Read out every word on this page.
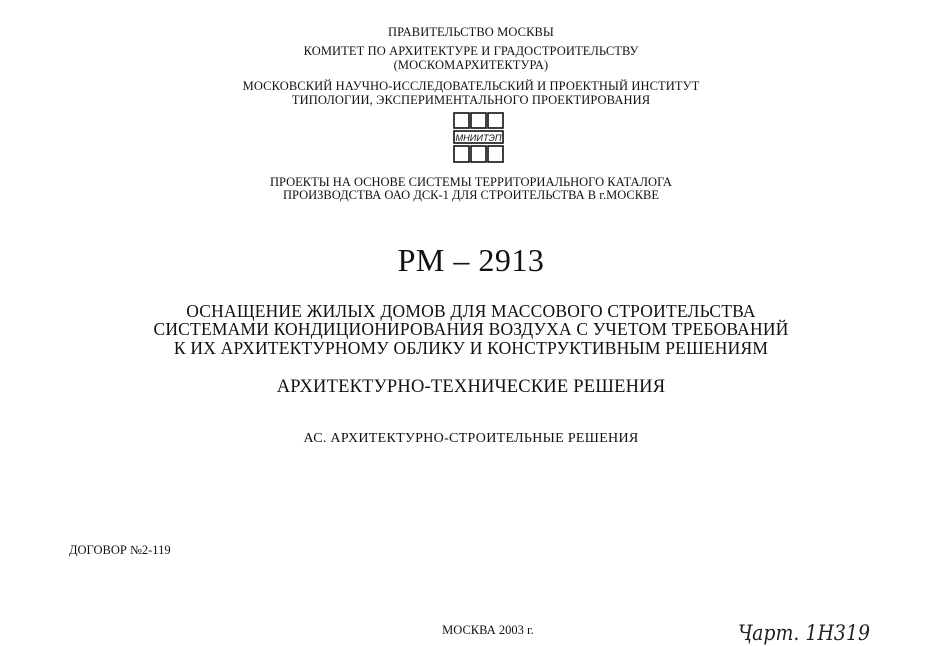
ПРАВИТЕЛЬСТВО МОСКВЫ
КОМИТЕТ ПО АРХИТЕКТУРЕ И ГРАДОСТРОИТЕЛЬСТВУ
(МОСКОМАРХИТЕКТУРА)
МОСКОВСКИЙ НАУЧНО-ИССЛЕДОВАТЕЛЬСКИЙ И ПРОЕКТНЫЙ ИНСТИТУТ
ТИПОЛОГИИ, ЭКСПЕРИМЕНТАЛЬНОГО ПРОЕКТИРОВАНИЯ
МНИИТЭП
ПРОЕКТЫ НА ОСНОВЕ СИСТЕМЫ ТЕРРИТОРИАЛЬНОГО КАТАЛОГА
ПРОИЗВОДСТВА ОАО ДСК-1 ДЛЯ СТРОИТЕЛЬСТВА В г.МОСКВЕ
РМ – 2913
ОСНАЩЕНИЕ ЖИЛЫХ ДОМОВ ДЛЯ МАССОВОГО СТРОИТЕЛЬСТВА
СИСТЕМАМИ КОНДИЦИОНИРОВАНИЯ ВОЗДУХА С УЧЕТОМ ТРЕБОВАНИЙ
К ИХ АРХИТЕКТУРНОМУ ОБЛИКУ И КОНСТРУКТИВНЫМ РЕШЕНИЯМ
АРХИТЕКТУРНО-ТЕХНИЧЕСКИЕ РЕШЕНИЯ
АС. АРХИТЕКТУРНО-СТРОИТЕЛЬНЫЕ РЕШЕНИЯ
ДОГОВОР №2-119
МОСКВА 2003 г.	Ҷарт. 1Н319
